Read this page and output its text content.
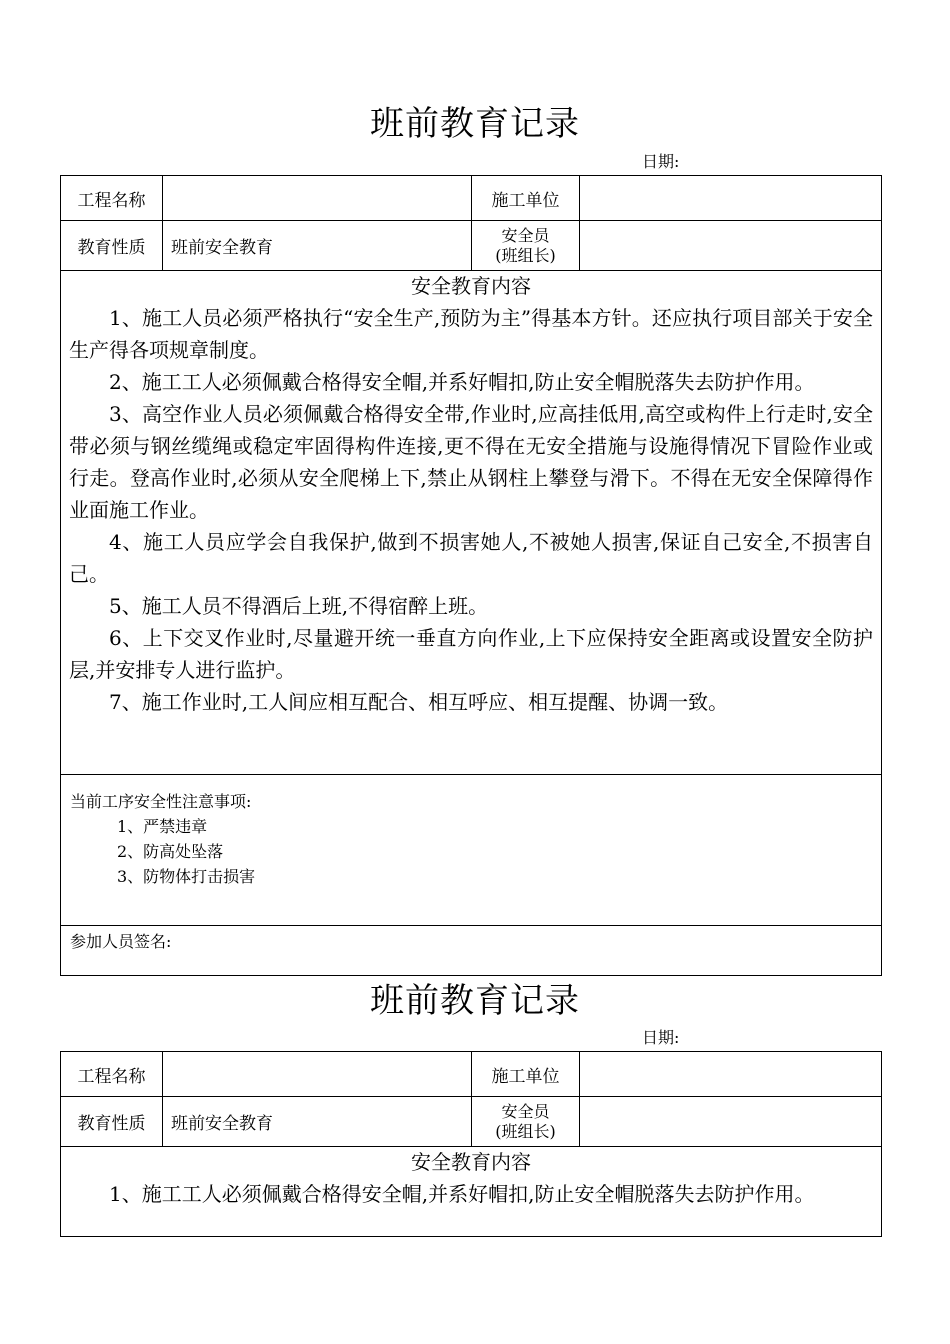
班前教育记录
日期:
工程名称	施工单位
教育性质	班前安全教育
安全员
(班组长)
安全教育内容

1、施工人员必须严格执行“安全生产,预防为主”得基本方针。还应执行项目部关于安全生产得各项规章制度。

2、施工工人必须佩戴合格得安全帽,并系好帽扣,防止安全帽脱落失去防护作用。

3、高空作业人员必须佩戴合格得安全带,作业时,应高挂低用,高空或构件上行走时,安全带必须与钢丝缆绳或稳定牢固得构件连接,更不得在无安全措施与设施得情况下冒险作业或行走。登高作业时,必须从安全爬梯上下,禁止从钢柱上攀登与滑下。不得在无安全保障得作业面施工作业。

4、施工人员应学会自我保护,做到不损害她人,不被她人损害,保证自己安全,不损害自己。

5、施工人员不得酒后上班,不得宿醉上班。

6、上下交叉作业时,尽量避开统一垂直方向作业,上下应保持安全距离或设置安全防护层,并安排专人进行监护。

7、施工作业时,工人间应相互配合、相互呼应、相互提醒、协调一致。

当前工序安全性注意事项:
1、严禁违章
2、防高处坠落
3、防物体打击损害
参加人员签名:
班前教育记录
日期:
工程名称	施工单位
教育性质	班前安全教育
安全员
(班组长)
安全教育内容

1、施工工人必须佩戴合格得安全帽,并系好帽扣,防止安全帽脱落失去防护作用。
